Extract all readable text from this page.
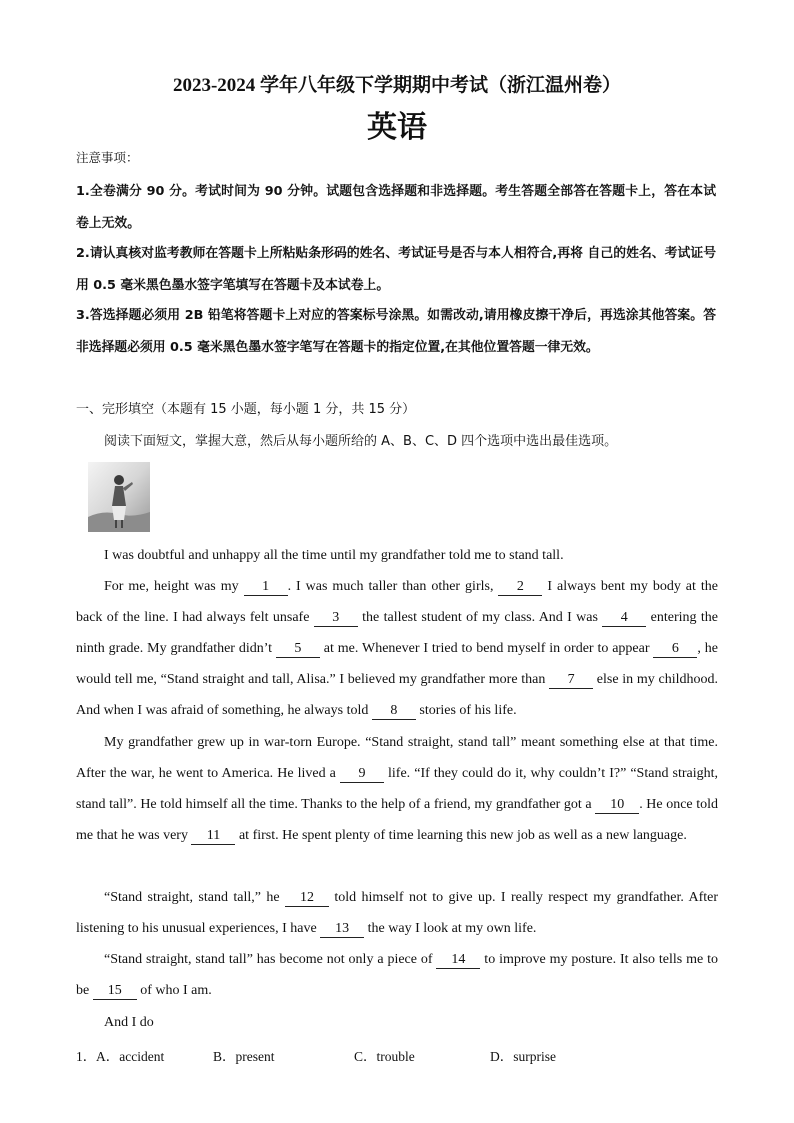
2023-2024 学年八年级下学期期中考试（浙江温州卷）
英语
注意事项：
1.全卷满分 90 分。考试时间为 90 分钟。试题包含选择题和非选择题。考生答题全部答在答题卡上，答在本试卷上无效。
2.请认真核对监考教师在答题卡上所粘贴条形码的姓名、考试证号是否与本人相符合,再将 自己的姓名、考试证号用 0.5 毫米黑色墨水签字笔填写在答题卡及本试卷上。
3.答选择题必须用 2B 铅笔将答题卡上对应的答案标号涂黑。如需改动,请用橡皮擦干净后，再选涂其他答案。答非选择题必须用 0.5 毫米黑色墨水签字笔写在答题卡的指定位置,在其他位置答题一律无效。
一、完形填空（本题有 15 小题，每小题 1 分，共 15 分）
阅读下面短文，掌握大意，然后从每小题所给的 A、B、C、D 四个选项中选出最佳选项。
I was doubtful and unhappy all the time until my grandfather told me to stand tall.
For me, height was my 1 . I was much taller than other girls, 2 I always bent my body at the back of the line. I had always felt unsafe 3 the tallest student of my class. And I was 4 entering the ninth grade. My grandfather didn’t 5 at me. Whenever I tried to bend myself in order to appear 6 , he would tell me, “Stand straight and tall, Alisa.” I believed my grandfather more than 7 else in my childhood. And when I was afraid of something, he always told 8 stories of his life.
My grandfather grew up in war-torn Europe. “Stand straight, stand tall” meant something else at that time. After the war, he went to America. He lived a 9 life. “If they could do it, why couldn’t I?” “Stand straight, stand tall”. He told himself all the time. Thanks to the help of a friend, my grandfather got a 10 . He once told me that he was very 11 at first. He spent plenty of time learning this new job as well as a new language.
“Stand straight, stand tall,” he 12 told himself not to give up. I really respect my grandfather. After listening to his unusual experiences, I have 13 the way I look at my own life.
“Stand straight, stand tall” has become not only a piece of 14 to improve my posture. It also tells me to be 15 of who I am.
And I do
1． A．accident	B．present	C．trouble	D．surprise
